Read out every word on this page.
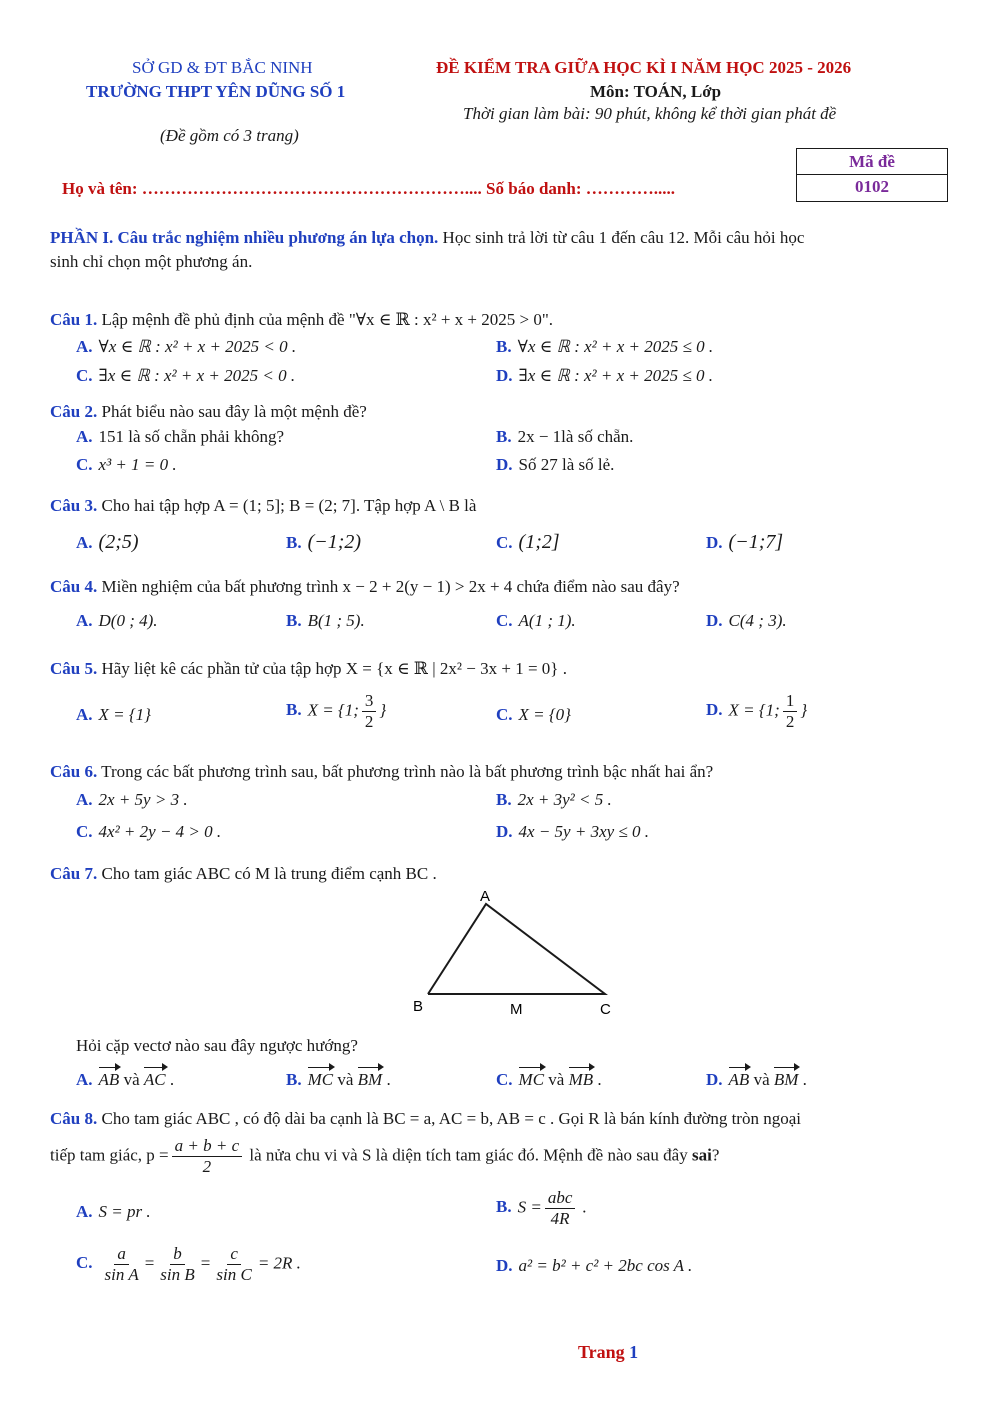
SỞ GD & ĐT BẮC NINH
TRƯỜNG THPT YÊN DŨNG SỐ 1
(Đề gồm có 3 trang)
ĐỀ KIỂM TRA GIỮA HỌC KÌ I NĂM HỌC 2025 - 2026
Môn: TOÁN, Lớp
Thời gian làm bài: 90 phút, không kể thời gian phát đề
Mã đề
0102
Họ và tên: ………………………………………………….... Số báo danh: ………….....
PHẦN I. Câu trắc nghiệm nhiều phương án lựa chọn. Học sinh trả lời từ câu 1 đến câu 12. Mỗi câu hỏi học
sinh chỉ chọn một phương án.
Câu 1. Lập mệnh đề phủ định của mệnh đề "∀x ∈ ℝ : x² + x + 2025 > 0".
A. ∀x ∈ ℝ : x² + x + 2025 < 0 .	B. ∀x ∈ ℝ : x² + x + 2025 ≤ 0 .
C. ∃x ∈ ℝ : x² + x + 2025 < 0 .	D. ∃x ∈ ℝ : x² + x + 2025 ≤ 0 .
Câu 2. Phát biểu nào sau đây là một mệnh đề?
A. 151 là số chẵn phải không?	B. 2x − 1là số chẵn.
C. x³ + 1 = 0 .	D. Số 27 là số lẻ.
Câu 3. Cho hai tập hợp A = (1; 5]; B = (2; 7]. Tập hợp A \ B là
A. (2;5)	B. (−1;2)	C. (1;2]	D. (−1;7]
Câu 4. Miền nghiệm của bất phương trình x − 2 + 2(y − 1) > 2x + 4 chứa điểm nào sau đây?
A. D(0 ; 4).	B. B(1 ; 5).	C. A(1 ; 1).	D. C(4 ; 3).
Câu 5. Hãy liệt kê các phần tử của tập hợp X = {x ∈ ℝ | 2x² − 3x + 1 = 0} .
A. X = {1}	B. X = {1; $\frac{3}{2}$ }	C. X = {0}	D. X = {1; $\frac{1}{2}$ }
Câu 6. Trong các bất phương trình sau, bất phương trình nào là bất phương trình bậc nhất hai ẩn?
A. 2x + 5y > 3 .	B. 2x + 3y² < 5 .
C. 4x² + 2y − 4 > 0 .	D. 4x − 5y + 3xy ≤ 0 .
Câu 7. Cho tam giác ABC có M là trung điểm cạnh BC .
A
B	M	C
Hỏi cặp vectơ nào sau đây ngược hướng?
A. AB và AC .	B. MC và BM .	C. MC và MB .	D. AB và BM .
Câu 8. Cho tam giác ABC , có độ dài ba cạnh là BC = a, AC = b, AB = c . Gọi R là bán kính đường tròn ngoại
tiếp tam giác, $p = \frac{a + b + c}{2}$ là nửa chu vi và S là diện tích tam giác đó. Mệnh đề nào sau đây sai?
A. S = pr .	B. $S = \frac{\text{abc}}{4R}$ .
C. $\frac{a}{\text{sin A}} = \frac{b}{\text{sin B}} = \frac{c}{\text{sin C}} = 2R$ .	D. a² = b² + c² + 2bc cos A .
Trang 1
